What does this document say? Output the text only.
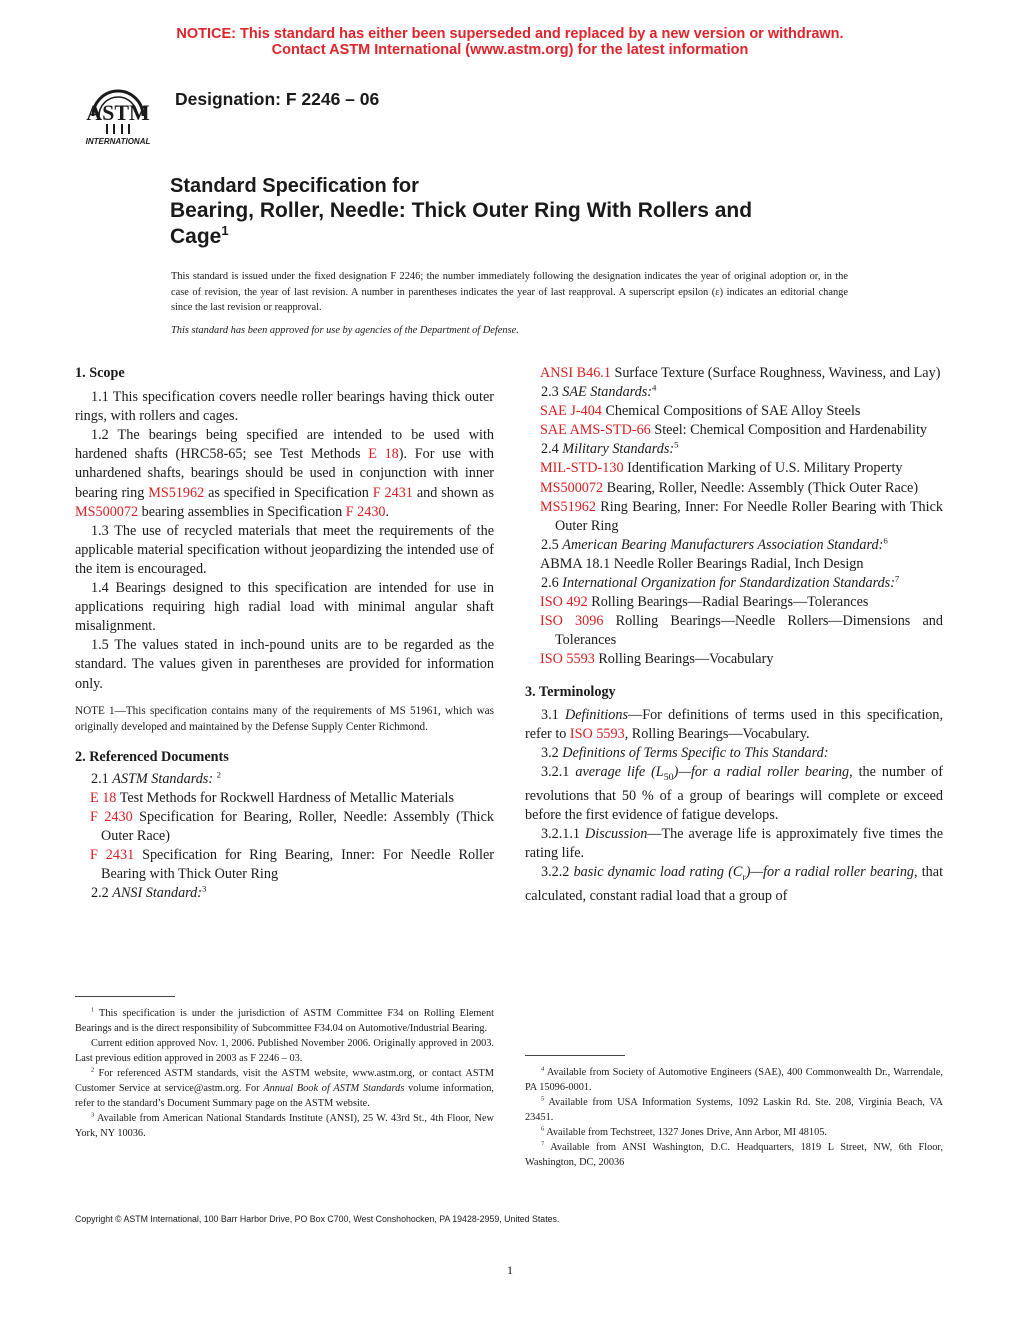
NOTICE: This standard has either been superseded and replaced by a new version or withdrawn.
Contact ASTM International (www.astm.org) for the latest information
ASTM
INTERNATIONAL
Designation: F 2246 – 06
Standard Specification for
Bearing, Roller, Needle: Thick Outer Ring With Rollers and
Cage$^1$
This standard is issued under the fixed designation F 2246; the number immediately following the designation indicates the year of original adoption or, in the case of revision, the year of last revision. A number in parentheses indicates the year of last reapproval. A superscript epsilon (ε) indicates an editorial change since the last revision or reapproval.
This standard has been approved for use by agencies of the Department of Defense.

1. Scope

1.1 This specification covers needle roller bearings having thick outer rings, with rollers and cages.

1.2 The bearings being specified are intended to be used with hardened shafts (HRC58-65; see Test Methods E 18). For use with unhardened shafts, bearings should be used in conjunction with inner bearing ring MS51962 as specified in Specification F 2431 and shown as MS500072 bearing assemblies in Specification F 2430.

1.3 The use of recycled materials that meet the requirements of the applicable material specification without jeopardizing the intended use of the item is encouraged.

1.4 Bearings designed to this specification are intended for use in applications requiring high radial load with minimal angular shaft misalignment.

1.5 The values stated in inch-pound units are to be regarded as the standard. The values given in parentheses are provided for information only.

NOTE 1—This specification contains many of the requirements of MS 51961, which was originally developed and maintained by the Defense Supply Center Richmond.

2. Referenced Documents

2.1 ASTM Standards: $^2$

E 18 Test Methods for Rockwell Hardness of Metallic Materials

F 2430 Specification for Bearing, Roller, Needle: Assembly (Thick Outer Race)

F 2431 Specification for Ring Bearing, Inner: For Needle Roller Bearing with Thick Outer Ring

2.2 ANSI Standard:$^3$

$^1$ This specification is under the jurisdiction of ASTM Committee F34 on Rolling Element Bearings and is the direct responsibility of Subcommittee F34.04 on Automotive/Industrial Bearing.

Current edition approved Nov. 1, 2006. Published November 2006. Originally approved in 2003. Last previous edition approved in 2003 as F 2246 – 03.

$^2$ For referenced ASTM standards, visit the ASTM website, www.astm.org, or contact ASTM Customer Service at service@astm.org. For Annual Book of ASTM Standards volume information, refer to the standard’s Document Summary page on the ASTM website.

$^3$ Available from American National Standards Institute (ANSI), 25 W. 43rd St., 4th Floor, New York, NY 10036.

ANSI B46.1 Surface Texture (Surface Roughness, Waviness, and Lay)

2.3 SAE Standards:$^4$

SAE J-404 Chemical Compositions of SAE Alloy Steels

SAE AMS-STD-66 Steel: Chemical Composition and Hardenability

2.4 Military Standards:$^5$

MIL-STD-130 Identification Marking of U.S. Military Property

MS500072 Bearing, Roller, Needle: Assembly (Thick Outer Race)

MS51962 Ring Bearing, Inner: For Needle Roller Bearing with Thick Outer Ring

2.5 American Bearing Manufacturers Association Standard:$^6$

ABMA 18.1 Needle Roller Bearings Radial, Inch Design

2.6 International Organization for Standardization Standards:$^7$

ISO 492 Rolling Bearings—Radial Bearings—Tolerances

ISO 3096 Rolling Bearings—Needle Rollers—Dimensions and Tolerances

ISO 5593 Rolling Bearings—Vocabulary

3. Terminology

3.1 Definitions—For definitions of terms used in this specification, refer to ISO 5593, Rolling Bearings—Vocabulary.

3.2 Definitions of Terms Specific to This Standard:

3.2.1 average life $(L_{50})—for$ a radial roller bearing, the number of revolutions that 50 % of a group of bearings will complete or exceed before the first evidence of fatigue develops.

3.2.1.1 Discussion—The average life is approximately five times the rating life.

3.2.2 basic dynamic load rating $(C_r)—for$ a radial roller bearing, that calculated, constant radial load that a group of

$^4$ Available from Society of Automotive Engineers (SAE), 400 Commonwealth Dr., Warrendale, PA 15096-0001.

$^5$ Available from USA Information Systems, 1092 Laskin Rd. Ste. 208, Virginia Beach, VA 23451.

$^6$ Available from Techstreet, 1327 Jones Drive, Ann Arbor, MI 48105.

$^7$ Available from ANSI Washington, D.C. Headquarters, 1819 L Street, NW, 6th Floor, Washington, DC, 20036

Copyright © ASTM International, 100 Barr Harbor Drive, PO Box C700, West Conshohocken, PA 19428-2959, United States.
1
